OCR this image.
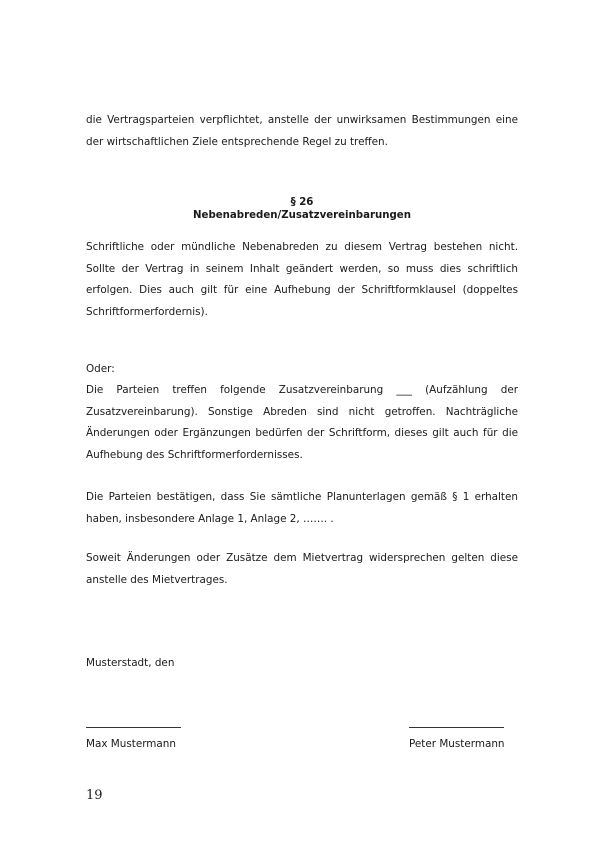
die Vertragsparteien verpflichtet, anstelle der unwirksamen Bestimmungen eine der wirtschaftlichen Ziele entsprechende Regel zu treffen.

§ 26
Nebenabreden/Zusatzvereinbarungen

Schriftliche oder mündliche Nebenabreden zu diesem Vertrag bestehen nicht. Sollte der Vertrag in seinem Inhalt geändert werden, so muss dies schriftlich erfolgen. Dies auch gilt für eine Aufhebung der Schriftformklausel (doppeltes Schriftformerfordernis).

Oder:

Die Parteien treffen folgende Zusatzvereinbarung ___ (Aufzählung der Zusatzvereinbarung). Sonstige Abreden sind nicht getroffen. Nachträgliche Änderungen oder Ergänzungen bedürfen der Schriftform, dieses gilt auch für die Aufhebung des Schriftformerfordernisses.

Die Parteien bestätigen, dass Sie sämtliche Planunterlagen gemäß § 1 erhalten haben, insbesondere Anlage 1, Anlage 2, ……. .

Soweit Änderungen oder Zusätze dem Mietvertrag widersprechen gelten diese anstelle des Mietvertrages.

Musterstadt, den

Max Mustermann	Peter Mustermann
19
